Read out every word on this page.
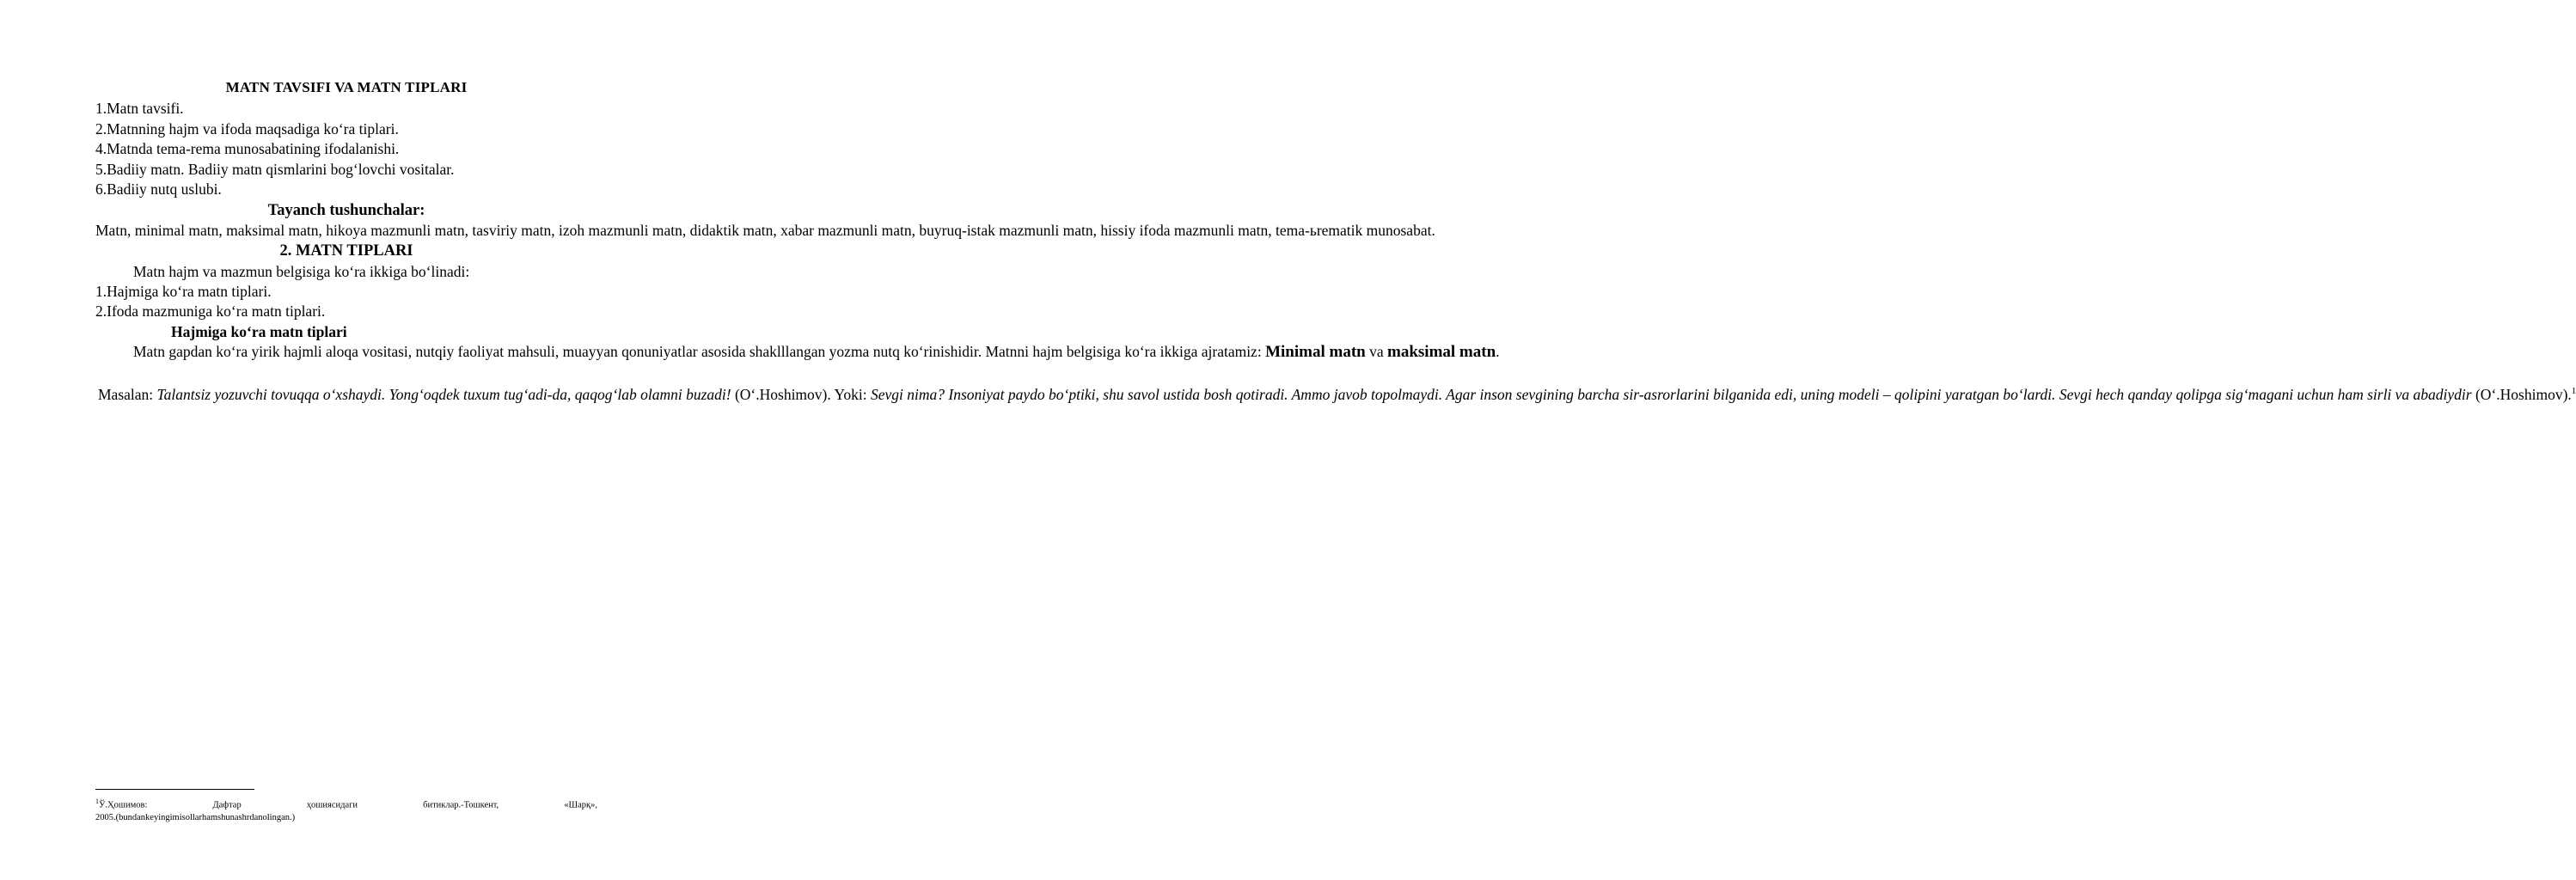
MATN TAVSIFI VA MATN TIPLARI
1.Matn tavsifi.
2.Matnning hajm va ifoda maqsadiga ko‘ra tiplari.
4.Matnda tema-rema munosabatining ifodalanishi.
5.Badiiy matn. Badiiy matn qismlarini bog‘lovchi vositalar.
6.Badiiy nutq uslubi.
Tayanch tushunchalar:
Matn, minimal matn, maksimal matn, hikoya mazmunli matn, tasviriy matn, izoh mazmunli matn, didaktik matn, xabar mazmunli matn, buyruq-istak mazmunli matn, hissiy ifoda mazmunli matn, tema-ьrematik munosabat.
2. MATN TIPLARI
Matn hajm va mazmun belgisiga ko‘ra ikkiga bo‘linadi:
1.Hajmiga ko‘ra matn tiplari.
2.Ifoda mazmuniga ko‘ra matn tiplari.
Hajmiga ko‘ra matn tiplari
Matn gapdan ko‘ra yirik hajmli aloqa vositasi, nutqiy faoliyat mahsuli, muayyan qonuniyatlar asosida shaklllangan yozma nutq ko‘rinishidir. Matnni hajm belgisiga ko‘ra ikkiga ajratamiz: Minimal matn va maksimal matn.
Masalan: Talantsiz yozuvchi tovuqqa o‘xshaydi. Yong‘oqdek tuxum tug‘adi-da, qaqog‘lab olamni buzadi! (O‘.Hoshimov). Yoki: Sevgi nima? Insoniyat paydo bo‘ptiki, shu savol ustida bosh qotiradi. Ammo javob topolmaydi. Agar inson sevgining barcha sir-asrorlarini bilganida edi, uning modeli – qolipini yaratgan bo‘lardi. Sevgi hech qanday qolipga sig‘magani uchun ham sirli va abadiydir (O‘.Hoshimov).$^1$
$^1$Ў.Ҳошимов: Дафтар ҳошиясидаги битиклар.-Тошкент, «Шарқ»,
2005.(bundankeyingimisollarhamshunashrdanolingan.)
